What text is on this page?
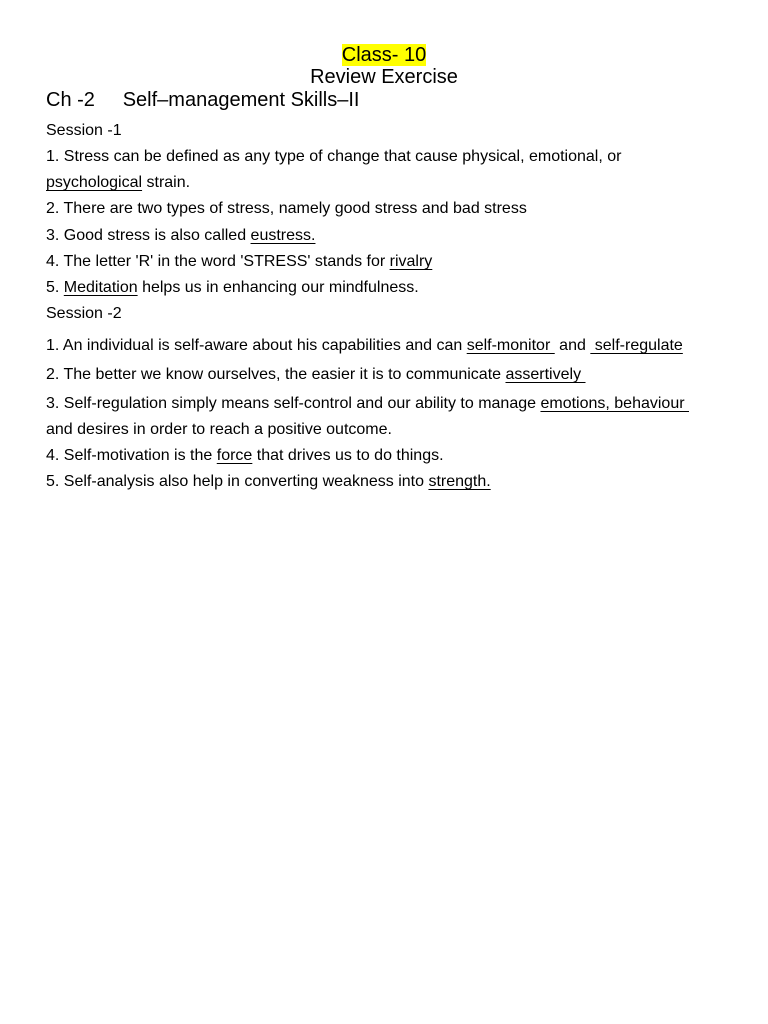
Class- 10
Review Exercise
Ch -2 Self–management Skills–II
Session -1
1. Stress can be defined as any type of change that cause physical, emotional, or
psychological strain.
2. There are two types of stress, namely good stress and bad stress
3. Good stress is also called eustress.
4. The letter 'R' in the word 'STRESS' stands for rivalry
5. Meditation helps us in enhancing our mindfulness.
Session -2
1. An individual is self-aware about his capabilities and can self-monitor  and  self-regulate
2. The better we know ourselves, the easier it is to communicate assertively
3. Self-regulation simply means self-control and our ability to manage emotions, behaviour
and desires in order to reach a positive outcome.
4. Self-motivation is the force that drives us to do things.
5. Self-analysis also help in converting weakness into strength.
